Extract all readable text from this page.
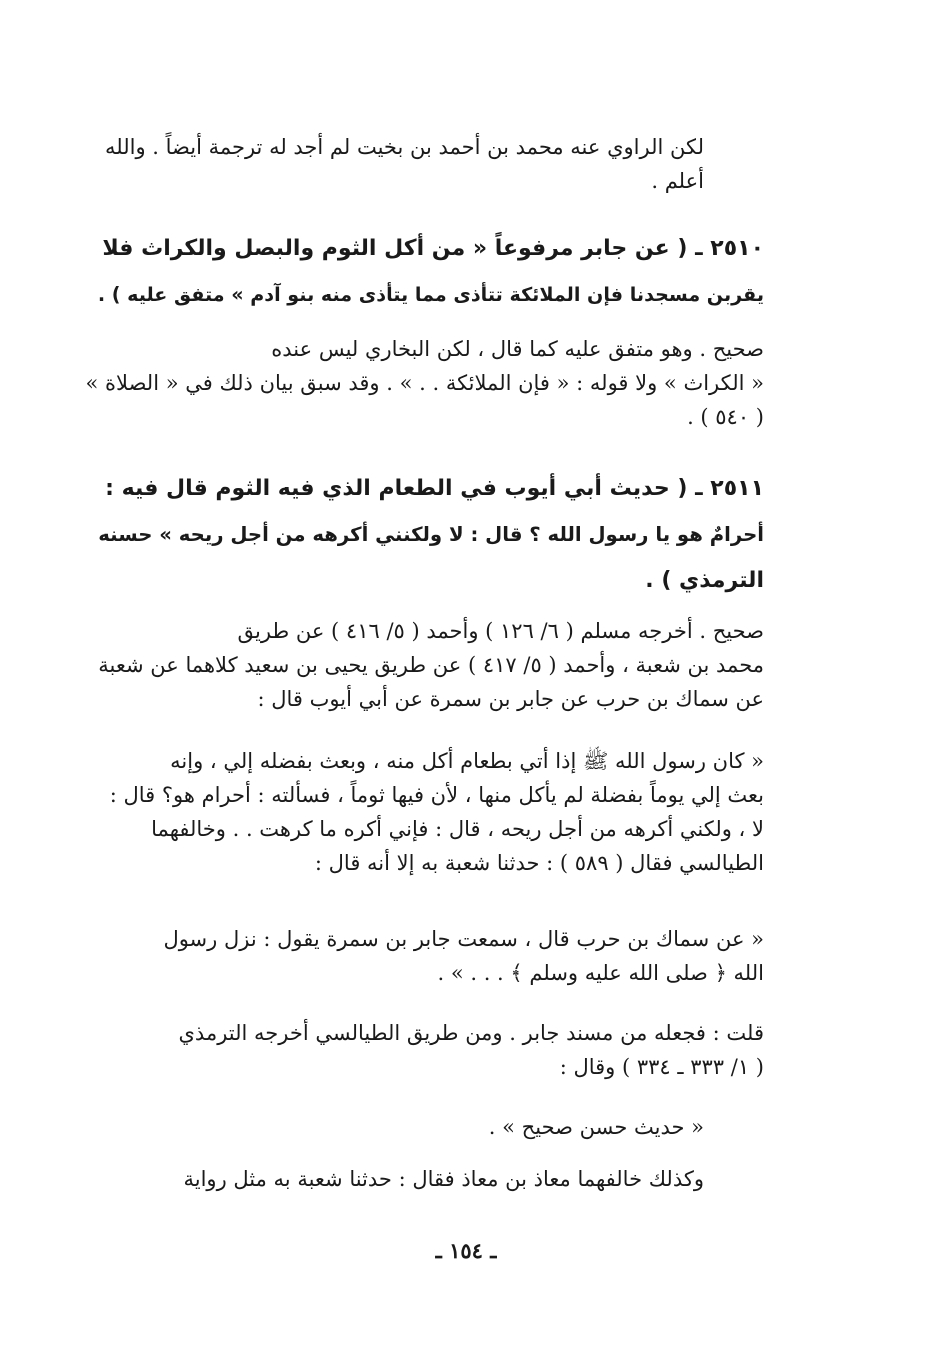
لكن الراوي عنه محمد بن أحمد بن بخيت لم أجد له ترجمة أيضاً . والله
أعلم .
٢٥١٠ ـ ( عن جابر مرفوعاً « من أكل الثوم والبصل والكراث فلا
يقربن مسجدنا فإن الملائكة تتأذى مما يتأذى منه بنو آدم » متفق عليه ) .
صحيح . وهو متفق عليه كما قال ، لكن البخاري ليس عنده
« الكراث » ولا قوله : « فإن الملائكة . . » . وقد سبق بيان ذلك في « الصلاة »
( ٥٤٠ ) .
٢٥١١ ـ ( حديث أبي أيوب في الطعام الذي فيه الثوم قال فيه :
أحرامٌ هو يا رسول الله ؟ قال : لا ولكنني أكرهه من أجل ريحه » حسنه
الترمذي ) .
صحيح . أخرجه مسلم ( ٦/ ١٢٦ ) وأحمد ( ٥/ ٤١٦ ) عن طريق
محمد بن شعبة ، وأحمد ( ٥/ ٤١٧ ) عن طريق يحيى بن سعيد كلاهما عن شعبة
عن سماك بن حرب عن جابر بن سمرة عن أبي أيوب قال :
« كان رسول الله ﷺ إذا أتي بطعام أكل منه ، وبعث بفضله إلي ، وإنه
بعث إلي يوماً بفضلة لم يأكل منها ، لأن فيها ثوماً ، فسألته : أحرام هو؟ قال :
لا ، ولكني أكرهه من أجل ريحه ، قال : فإني أكره ما كرهت . . وخالفهما
الطيالسي فقال ( ٥٨٩ ) : حدثنا شعبة به إلا أنه قال :
« عن سماك بن حرب قال ، سمعت جابر بن سمرة يقول : نزل رسول
الله ﴿ صلى الله عليه وسلم ﴾ . . . » .
قلت : فجعله من مسند جابر . ومن طريق الطيالسي أخرجه الترمذي
( ١/ ٣٣٣ ـ ٣٣٤ ) وقال :
« حديث حسن صحيح » .
وكذلك خالفهما معاذ بن معاذ فقال : حدثنا شعبة به مثل رواية
ـ ١٥٤ ـ
